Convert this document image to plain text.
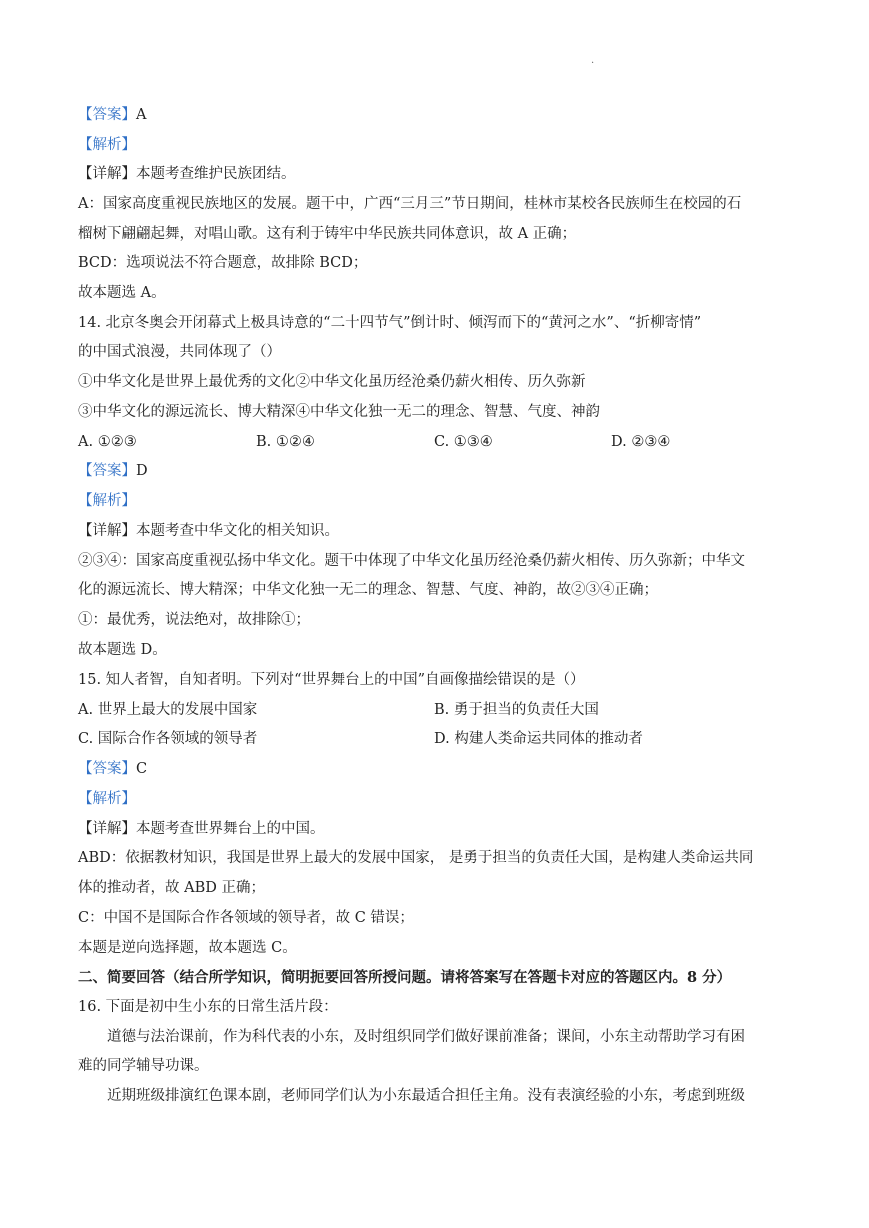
.
【答案】A
【解析】
【详解】本题考查维护民族团结。
A：国家高度重视民族地区的发展。题干中，广西“三月三”节日期间，桂林市某校各民族师生在校园的石
榴树下翩翩起舞，对唱山歌。这有利于铸牢中华民族共同体意识，故 A 正确；
BCD：选项说法不符合题意，故排除 BCD；
故本题选 A。
14. 北京冬奥会开闭幕式上极具诗意的“二十四节气”倒计时、倾泻而下的“黄河之水”、“折柳寄情”
的中国式浪漫，共同体现了（）
①中华文化是世界上最优秀的文化②中华文化虽历经沧桑仍薪火相传、历久弥新
③中华文化的源远流长、博大精深④中华文化独一无二的理念、智慧、气度、神韵
A. ①②③	B. ①②④	C. ①③④	D. ②③④
【答案】D
【解析】
【详解】本题考查中华文化的相关知识。
②③④：国家高度重视弘扬中华文化。题干中体现了中华文化虽历经沧桑仍薪火相传、历久弥新；中华文
化的源远流长、博大精深；中华文化独一无二的理念、智慧、气度、神韵，故②③④正确；
①：最优秀，说法绝对，故排除①；
故本题选 D。
15. 知人者智，自知者明。下列对“世界舞台上的中国”自画像描绘错误的是（）
A. 世界上最大的发展中国家	B. 勇于担当的负责任大国
C. 国际合作各领域的领导者	D. 构建人类命运共同体的推动者
【答案】C
【解析】
【详解】本题考查世界舞台上的中国。
ABD：依据教材知识，我国是世界上最大的发展中国家， 是勇于担当的负责任大国，是构建人类命运共同
体的推动者，故 ABD 正确；
C：中国不是国际合作各领域的领导者，故 C 错误；
本题是逆向选择题，故本题选 C。
二、简要回答（结合所学知识，简明扼要回答所授问题。请将答案写在答题卡对应的答题区内。8 分）
16. 下面是初中生小东的日常生活片段：
道德与法治课前，作为科代表的小东，及时组织同学们做好课前准备；课间，小东主动帮助学习有困
难的同学辅导功课。
近期班级排演红色课本剧，老师同学们认为小东最适合担任主角。没有表演经验的小东，考虑到班级
